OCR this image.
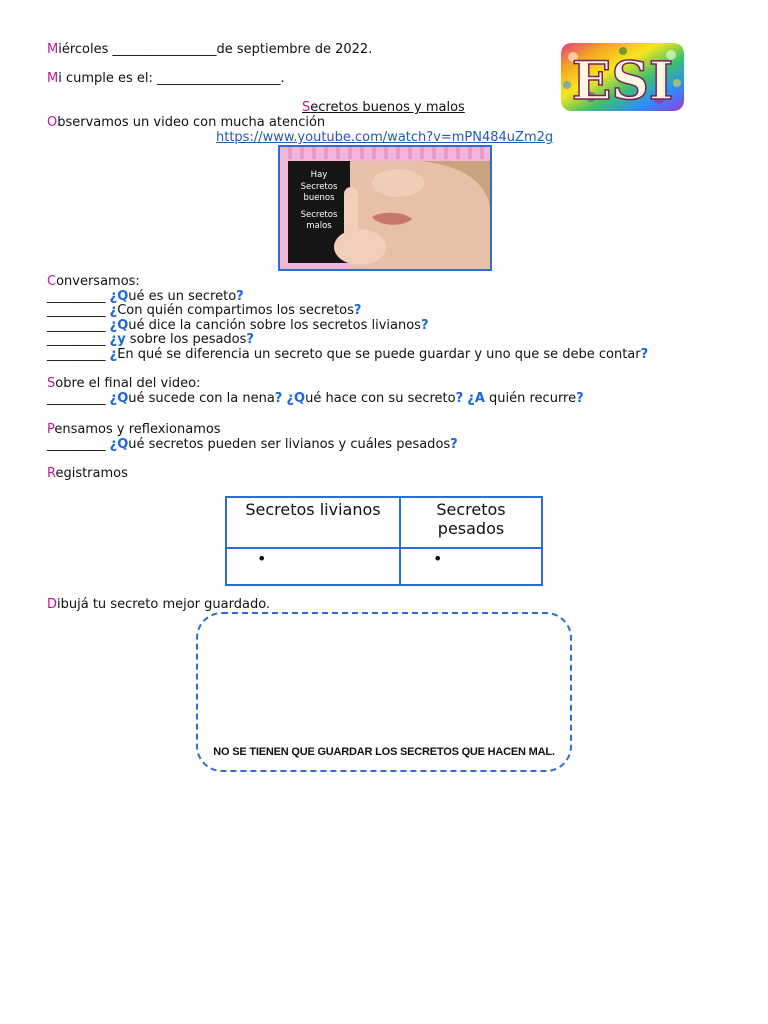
Miércoles ________________de septiembre de 2022.
Mi cumple es el: ___________________.	ESI
Secretos buenos y malos
Observamos un video con mucha atención
https://www.youtube.com/watch?v=mPN484uZm2g
Hay
Secretos
buenos
Secretos
malos
Conversamos:
_________ ¿Qué es un secreto?
_________ ¿Con quién compartimos los secretos?
_________ ¿Qué dice la canción sobre los secretos livianos?
_________ ¿y sobre los pesados?
_________ ¿En qué se diferencia un secreto que se puede guardar y uno que se debe contar?
Sobre el final del video:
_________ ¿Qué sucede con la nena? ¿Qué hace con su secreto? ¿A quién recurre?
Pensamos y reflexionamos
_________ ¿Qué secretos pueden ser livianos y cuáles pesados?
Registramos
Secretos livianos	Secretos pesados
•	•
Dibujá tu secreto mejor guardado.
NO SE TIENEN QUE GUARDAR LOS SECRETOS QUE HACEN MAL.
